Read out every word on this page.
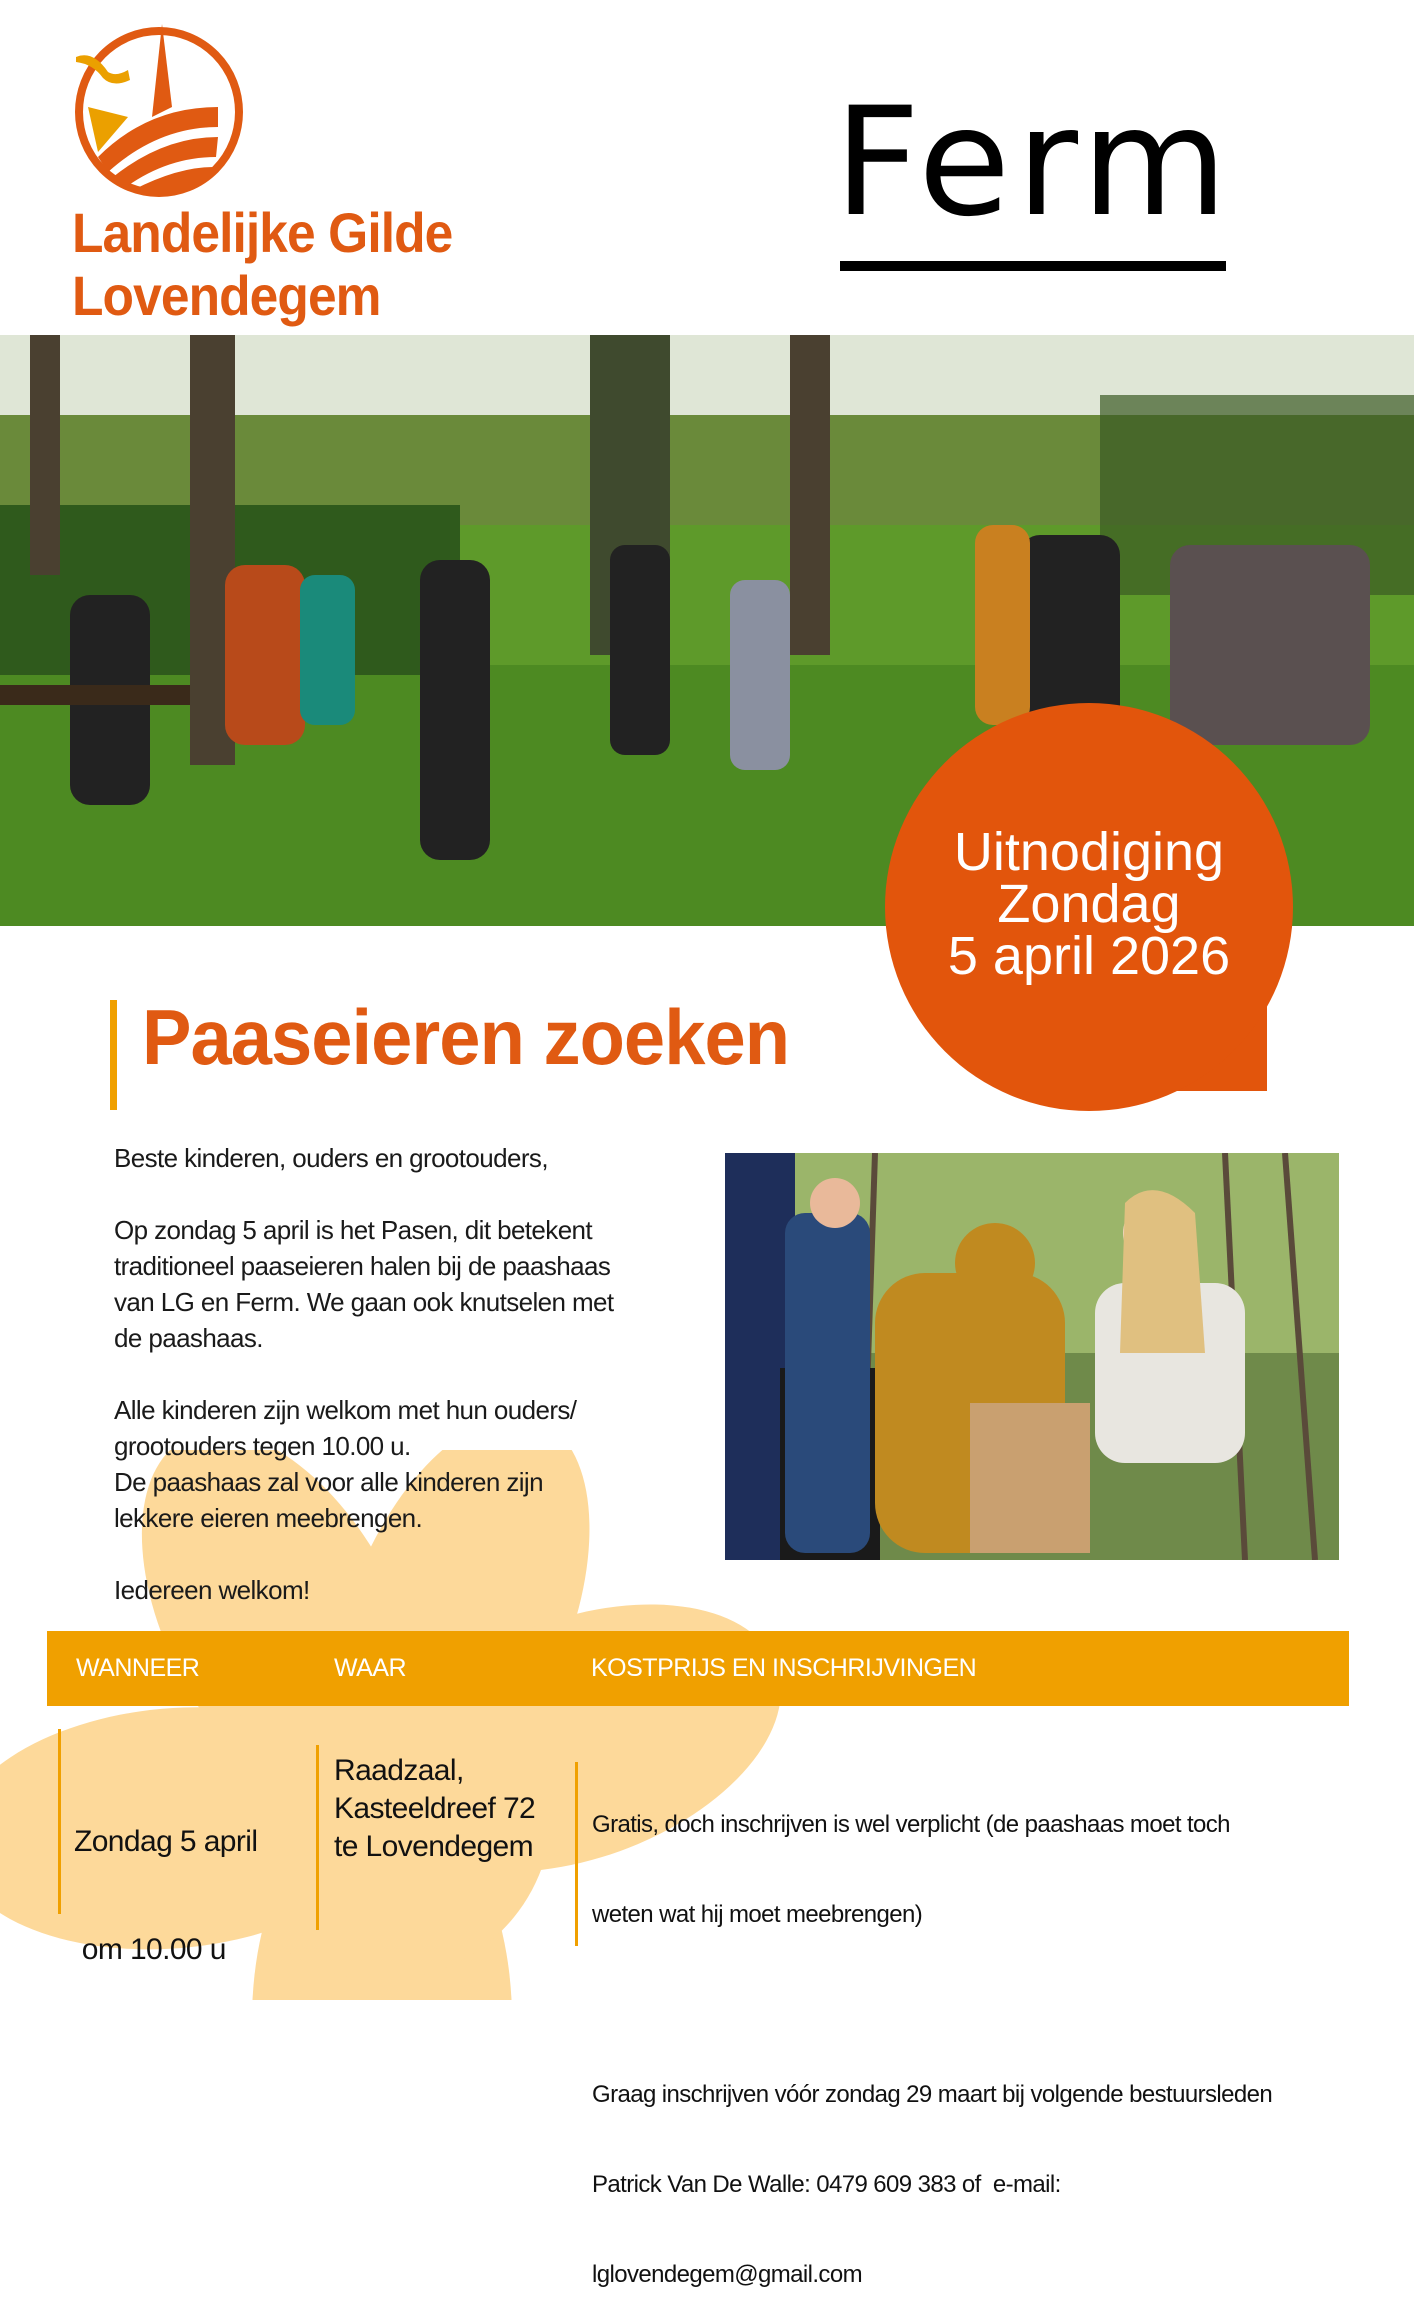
Landelijke Gilde
Lovendegem
Ferm
Uitnodiging
Zondag
5 april 2026
Paaseieren zoeken

Beste kinderen, ouders en grootouders,

Op zondag 5 april is het Pasen, dit betekent

traditioneel paaseieren halen bij de paashaas

van LG en Ferm. We gaan ook knutselen met

de paashaas.

Alle kinderen zijn welkom met hun ouders/

grootouders tegen 10.00 u.

De paashaas zal voor alle kinderen zijn

lekkere eieren meebrengen.

Iedereen welkom!

WANNEER	WAAR	KOSTPRIJS EN INSCHRIJVINGEN

Zondag 5 april

om 10.00 u

Raadzaal,
Kasteeldreef 72
te Lovendegem

Gratis, doch inschrijven is wel verplicht (de paashaas moet toch

weten wat hij moet meebrengen)

Graag inschrijven vóór zondag 29 maart bij volgende bestuursleden

Patrick Van De Walle: 0479 609 383 of  e-mail:

lglovendegem@gmail.com
